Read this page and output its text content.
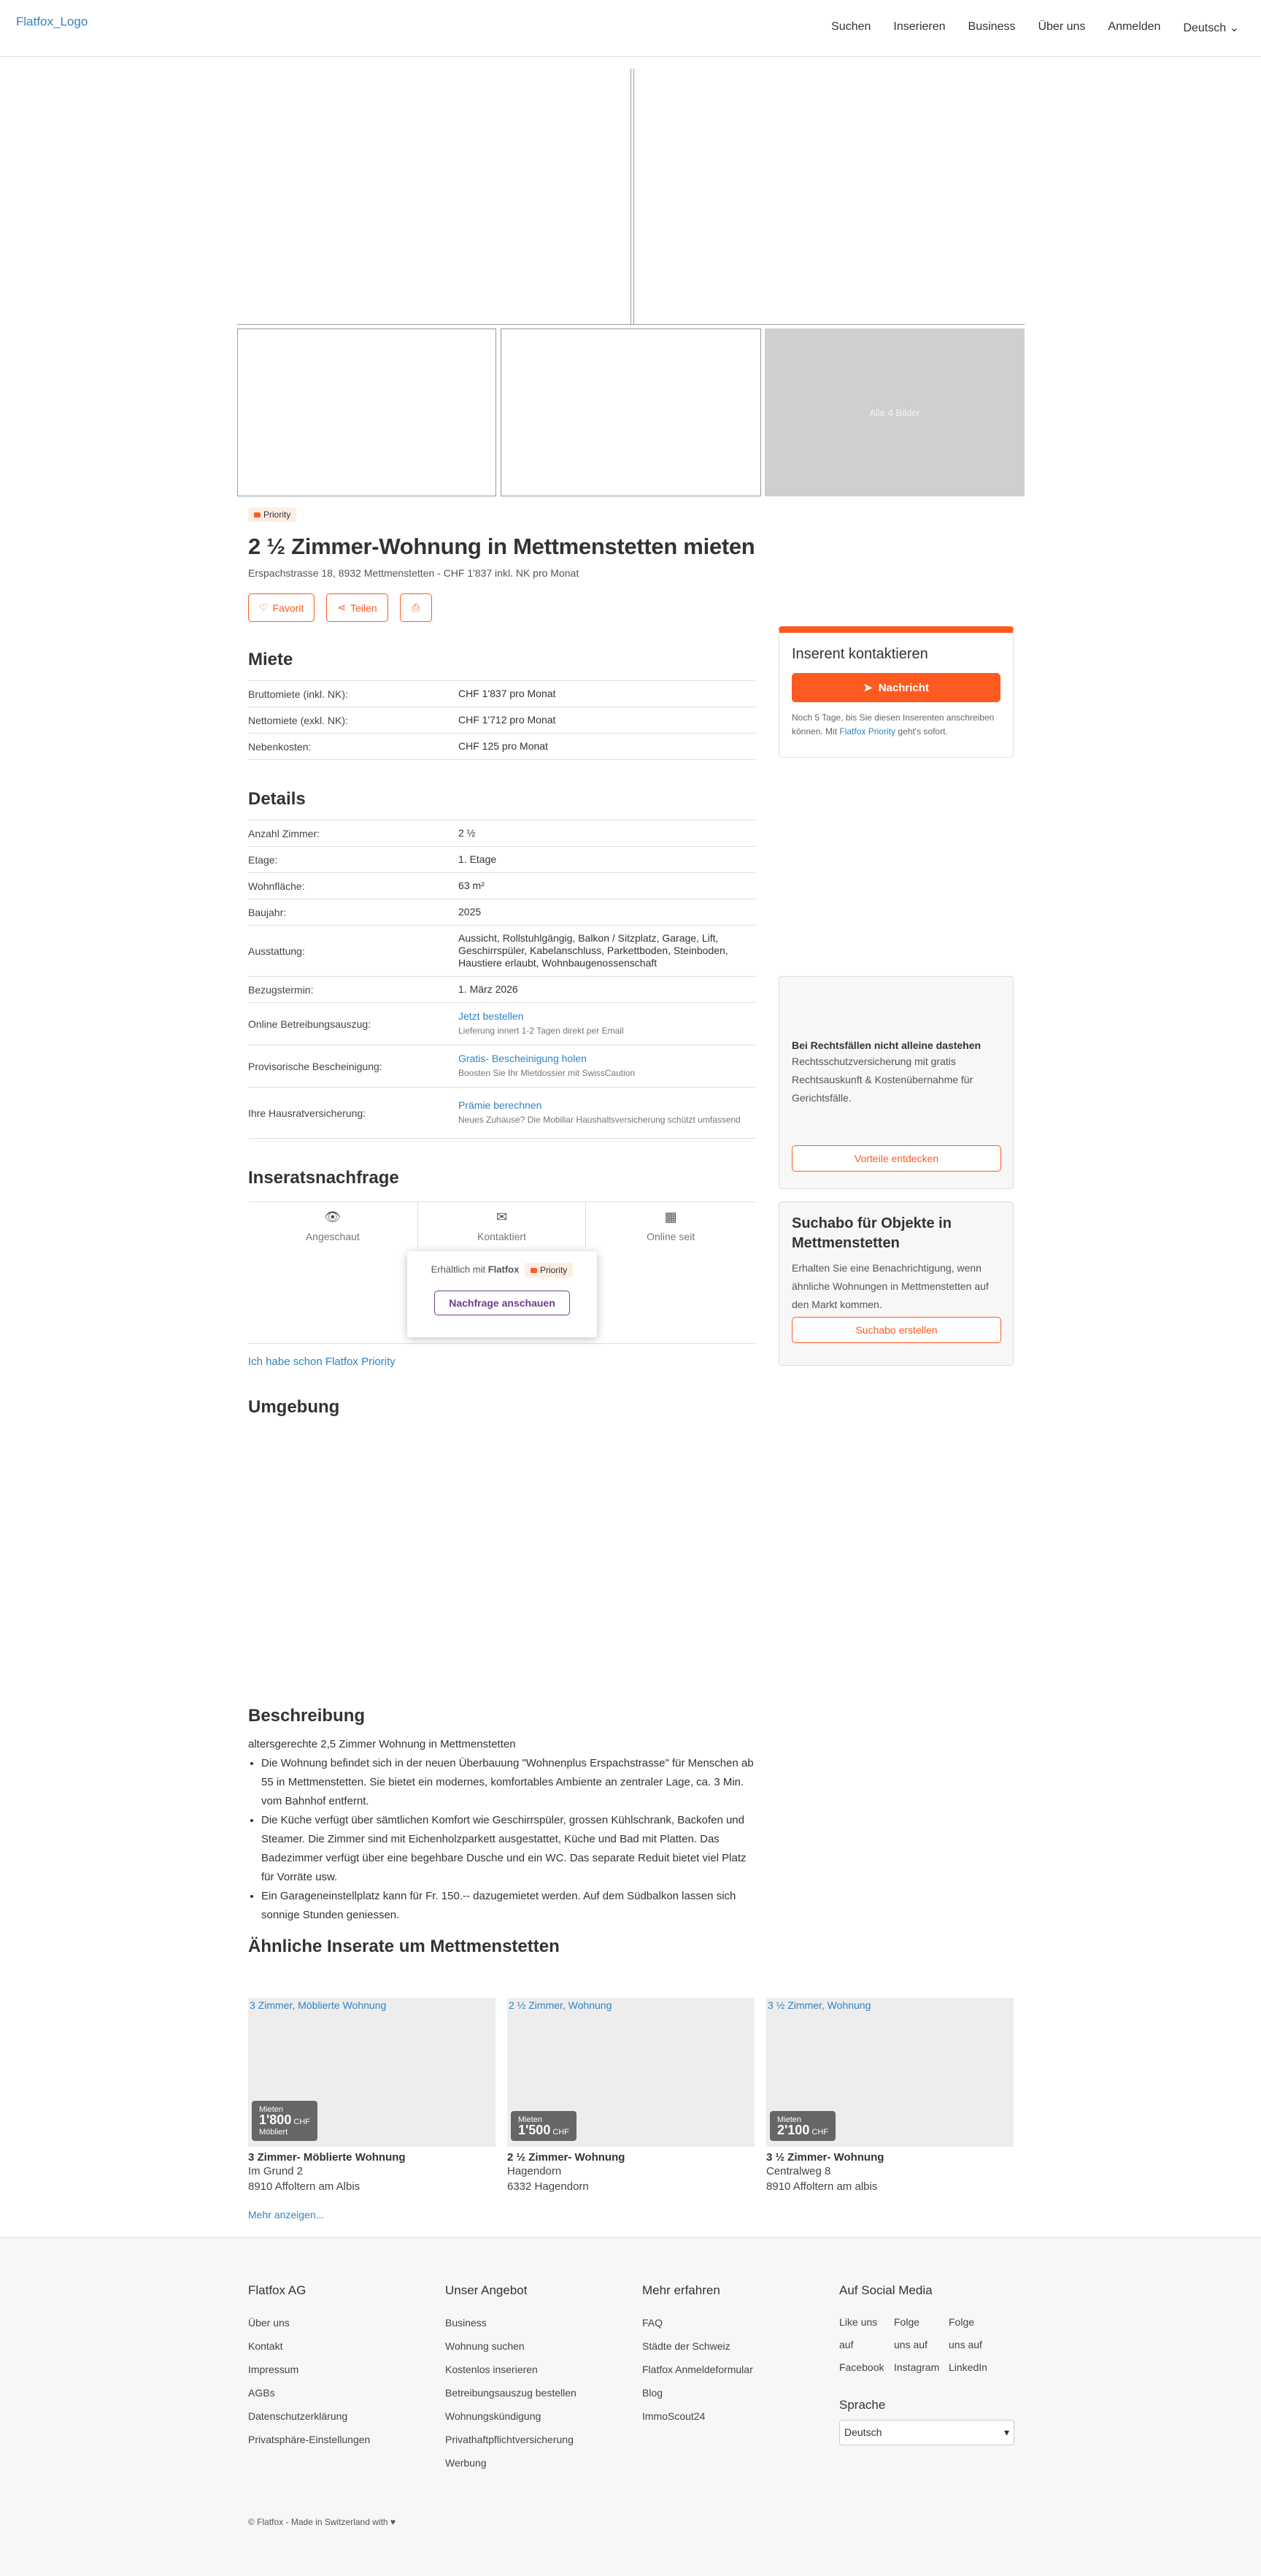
Flatfox_Logo	Suchen Inserieren Business Über uns Anmelden Deutsch ⌄
Alle 4 Bilder
Priority
2 ½ Zimmer-Wohnung in Mettmenstetten mieten
Erspachstrasse 18, 8932 Mettmenstetten - CHF 1'837 inkl. NK pro Monat
♡ Favorit	⋖ Teilen	⎙
Miete
Bruttomiete (inkl. NK):	CHF 1'837 pro Monat
Nettomiete (exkl. NK):	CHF 1'712 pro Monat
Nebenkosten:	CHF 125 pro Monat
Details
Anzahl Zimmer:	2 ½
Etage:	1. Etage
Wohnfläche:	63 m²
Baujahr:	2025
Ausstattung:
Aussicht, Rollstuhlgängig, Balkon / Sitzplatz, Garage, Lift, Geschirrspüler, Kabelanschluss, Parkettboden, Steinboden, Haustiere erlaubt, Wohnbaugenossenschaft
Bezugstermin:	1. März 2026
Online Betreibungsauszug:
Jetzt bestellen
Lieferung innert 1-2 Tagen direkt per Email
Provisorische Bescheinigung:
Gratis- Bescheinigung holen
Boosten Sie Ihr Mietdossier mit SwissCaution
Ihre Hausratversicherung:
Prämie berechnen
Neues Zuhause? Die Mobiliar Haushaltsversicherung schützt umfassend
Inseratsnachfrage
👁
Angeschaut
✉
Kontaktiert
▦
Online seit
Erhältlich mit Flatfox Priority

Nachfrage anschauen
Ich habe schon Flatfox Priority
Umgebung
Beschreibung
altersgerechte 2,5 Zimmer Wohnung in Mettmenstetten
• Die Wohnung befindet sich in der neuen Überbauung "Wohnenplus Erspachstrasse" für Menschen ab 55 in Mettmenstetten. Sie bietet ein modernes, komfortables Ambiente an zentraler Lage, ca. 3 Min. vom Bahnhof entfernt.
• Die Küche verfügt über sämtlichen Komfort wie Geschirrspüler, grossen Kühlschrank, Backofen und Steamer. Die Zimmer sind mit Eichenholzparkett ausgestattet, Küche und Bad mit Platten. Das Badezimmer verfügt über eine begehbare Dusche und ein WC. Das separate Reduit bietet viel Platz für Vorräte usw.
• Ein Garageneinstellplatz kann für Fr. 150.-- dazugemietet werden. Auf dem Südbalkon lassen sich sonnige Stunden geniessen.
Ähnliche Inserate um Mettmenstetten
Inserent kontaktieren
➤ Nachricht

Noch 5 Tage, bis Sie diesen Inserenten anschreiben können. Mit Flatfox Priority geht's sofort.

Bei Rechtsfällen nicht alleine dastehen

Rechtsschutzversicherung mit gratis Rechtsauskunft & Kostenübernahme für Gerichtsfälle.

Vorteile entdecken
Suchabo für Objekte in Mettmenstetten

Erhalten Sie eine Benachrichtigung, wenn ähnliche Wohnungen in Mettmenstetten auf den Markt kommen.

Suchabo erstellen
3 Zimmer, Möblierte Wohnung
Mieten
1'800 CHF
Möbliert
3 Zimmer- Möblierte Wohnung
Im Grund 2
8910 Affoltern am Albis
2 ½ Zimmer, Wohnung
Mieten
1'500 CHF
2 ½ Zimmer- Wohnung
Hagendorn
6332 Hagendorn
3 ½ Zimmer, Wohnung
Mieten
2'100 CHF
3 ½ Zimmer- Wohnung
Centralweg 8
8910 Affoltern am albis
Mehr anzeigen...
Flatfox AG
Über uns
Kontakt
Impressum
AGBs
Datenschutzerklärung
Privatsphäre-Einstellungen
Unser Angebot
Business
Wohnung suchen
Kostenlos inserieren
Betreibungsauszug bestellen
Wohnungskündigung
Privathaftpflichtversicherung
Werbung
Mehr erfahren
FAQ
Städte der Schweiz
Flatfox Anmeldeformular
Blog
ImmoScout24
Auf Social Media
Like uns auf Facebook
Folge uns auf Instagram
Folge uns auf LinkedIn
Sprache
Deutsch	▾
© Flatfox - Made in Switzerland with ♥
